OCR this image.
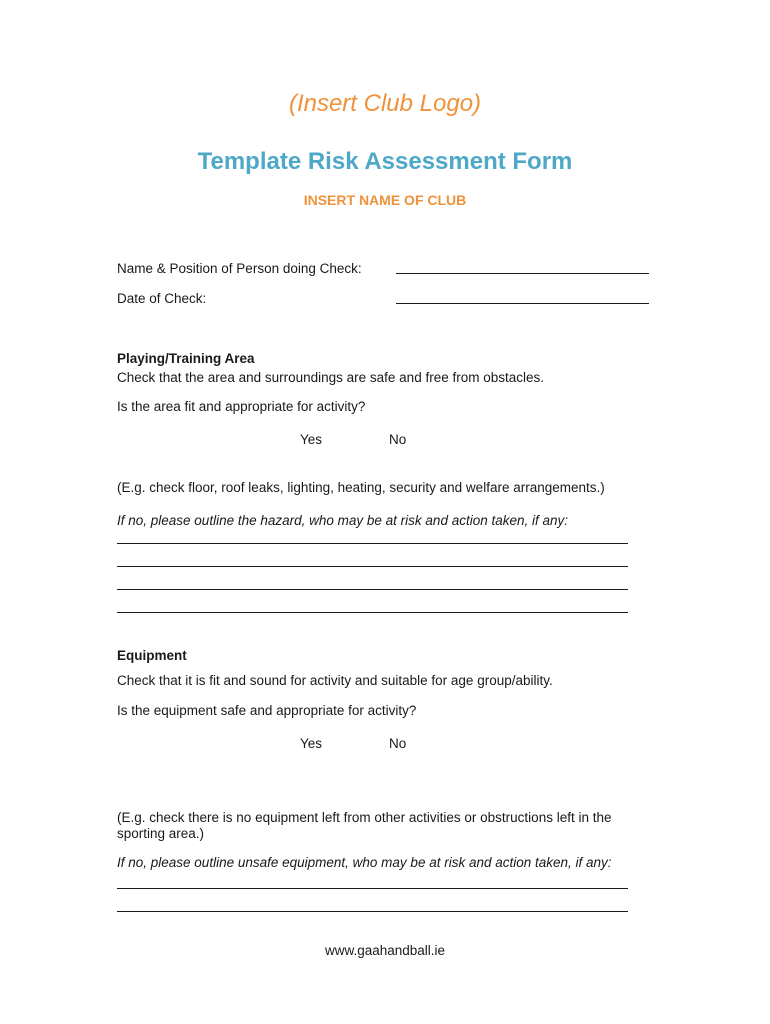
(Insert Club Logo)
Template Risk Assessment Form
INSERT NAME OF CLUB
Name & Position of Person doing Check:
Date of Check:
Playing/Training Area
Check that the area and surroundings are safe and free from obstacles.
Is the area fit and appropriate for activity?
Yes	No
(E.g. check floor, roof leaks, lighting, heating, security and welfare arrangements.)
If no, please outline the hazard, who may be at risk and action taken, if any:
Equipment
Check that it is fit and sound for activity and suitable for age group/ability.
Is the equipment safe and appropriate for activity?
Yes	No
(E.g. check there is no equipment left from other activities or obstructions left in the sporting area.)
If no, please outline unsafe equipment, who may be at risk and action taken, if any:
www.gaahandball.ie
